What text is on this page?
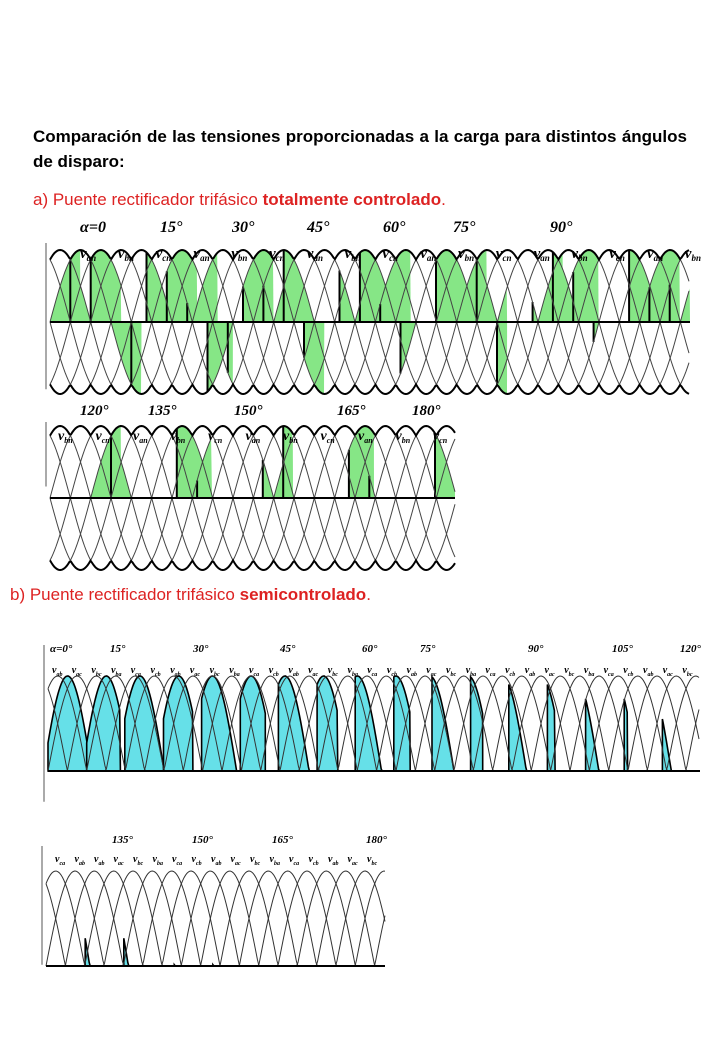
Comparación de las tensiones proporcionadas a la carga para distintos ángulos de disparo:
a) Puente rectificador trifásico totalmente controlado.
b) Puente rectificador trifásico semicontrolado.
α=0	15°	30°	45°	60°	75°	90°
$v_{an}$ $v_{bn}$ $v_{cn}$ $v_{an}$ $v_{bn}$ $v_{cn}$ $v_{an}$ $v_{bn}$ $v_{cn}$ $v_{an}$ $v_{bn}$ $v_{cn}$ $v_{an}$ $v_{bn}$ $v_{cn}$ $v_{an}$ $v_{bn}$
120°	135°	150°	165°	180°
$v_{bn}$ $v_{cn}$ $v_{an}$ $v_{bn}$ $v_{cn}$ $v_{an}$ $v_{bn}$ $v_{cn}$ $v_{an}$ $v_{bn}$ $v_{cn}$
α=0°	15°	30°	45°	60°	75°	90°	105°	120°
$v_{ab}$ $v_{ac}$ $v_{bc}$ $v_{ba}$ $v_{ca}$ $v_{cb}$ $v_{ab}$ $v_{ac}$ $v_{bc}$ $v_{ba}$ $v_{ca}$ $v_{cb}$ $v_{ab}$ $v_{ac}$ $v_{bc}$ $v_{ba}$ $v_{ca}$ $v_{cb}$ $v_{ab}$ $v_{ac}$ $v_{bc}$ $v_{ba}$ $v_{ca}$ $v_{cb}$ $v_{ab}$ $v_{ac}$ $v_{bc}$ $v_{ba}$ $v_{ca}$ $v_{cb}$ $v_{ab}$ $v_{ac}$ $v_{bc}$
135°	150°	165°	180°
$v_{ca}$ $v_{ab}$ $v_{ab}$ $v_{ac}$ $v_{bc}$ $v_{ba}$ $v_{ca}$ $v_{cb}$ $v_{ab}$ $v_{ac}$ $v_{bc}$ $v_{ba}$ $v_{ca}$ $v_{cb}$ $v_{ab}$ $v_{ac}$ $v_{bc}$
